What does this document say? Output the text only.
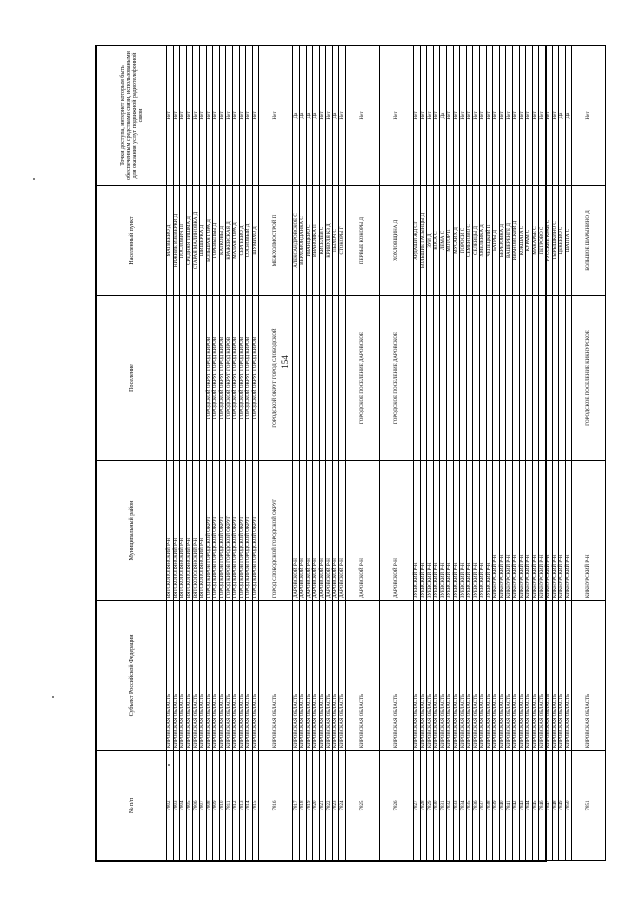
154
№ п/п	Субъект Российской Федерации	Муниципальный район	Поселение	Населенный пункт	Точки доступа, интернет которым быть обеспеченным средствами связи, использоваными для оказания услуг подвижной радиотелефонной связи
7802	КИРОВСКАЯ ОБЛАСТЬ	ВЯТСКОПОЛЯНСКИЙ Р-Н		МАТВЕЕВО Д	Нет
7803	КИРОВСКАЯ ОБЛАСТЬ	ВЯТСКОПОЛЯНСКИЙ Р-Н		НИЖНИЕ ИЗЕВЕРКИ Д	Нет
7804	КИРОВСКАЯ ОБЛАСТЬ	ВЯТСКОПОЛЯНСКИЙ Р-Н		ПОСЛОВИЧ ПГ	Нет
7805	КИРОВСКАЯ ОБЛАСТЬ	ВЯТСКОПОЛЯНСКИЙ Р-Н		СРЕДНЯЯ ТИШМА Д	Нет
7806	КИРОВСКАЯ ОБЛАСТЬ	ВЯТСКОПОЛЯНСКИЙ Р-Н		СТАРАЯ МАЛИНОВКА Д	Нет
7807	КИРОВСКАЯ ОБЛАСТЬ	ВЯТСКОПОЛЯНСКИЙ Р-Н		ШИШЕРКА Д	Нет
7808	КИРОВСКАЯ ОБЛАСТЬ	ГОРОД КИРОВ ГОРОДСКОЙ ОКРУГ	ГОРОДСКОЙ ОКРУГ ГОРОД КИРОВ	БОЛЬШАЯ ГОРА Д	Нет
7809	КИРОВСКАЯ ОБЛАСТЬ	ГОРОД КИРОВ ГОРОДСКОЙ ОКРУГ	ГОРОДСКОЙ ОКРУГ ГОРОД КИРОВ	ГОРЕВЫЛЬЫ Д	Нет
7810	КИРОВСКАЯ ОБЛАСТЬ	ГОРОД КИРОВ ГОРОДСКОЙ ОКРУГ	ГОРОДСКОЙ ОКРУГ ГОРОД КИРОВ	КАТКОВЫ Д	Нет
7811	КИРОВСКАЯ ОБЛАСТЬ	ГОРОД КИРОВ ГОРОДСКОЙ ОКРУГ	ГОРОДСКОЙ ОКРУГ ГОРОД КИРОВ	КРАЖЕВСКАЯ Д	Нет
7812	КИРОВСКАЯ ОБЛАСТЬ	ГОРОД КИРОВ ГОРОДСКОЙ ОКРУГ	ГОРОДСКОЙ ОКРУГ ГОРОД КИРОВ	МАЛАЯ ГОРА Д	Нет
7813	КИРОВСКАЯ ОБЛАСТЬ	ГОРОД КИРОВ ГОРОДСКОЙ ОКРУГ	ГОРОДСКОЙ ОКРУГ ГОРОД КИРОВ	СЕРГЕЕВО Д	Нет
7814	КИРОВСКАЯ ОБЛАСТЬ	ГОРОД КИРОВ ГОРОДСКОЙ ОКРУГ	ГОРОДСКОЙ ОКРУГ ГОРОД КИРОВ	СОСНОВЫЙ Д	Нет
7815	КИРОВСКАЯ ОБЛАСТЬ	ГОРОД КИРОВ ГОРОДСКОЙ ОКРУГ	ГОРОДСКОЙ ОКРУГ ГОРОД КИРОВ	ШУМИХО Д	Нет
7816	КИРОВСКАЯ ОБЛАСТЬ	ГОРОД СЛОБОДСКОЙ ГОРОДСКОЙ ОКРУГ	ГОРОДСКОЙ ОКРУГ ГОРОД СЛОБОДСКОЙ	МЕЖХОЛМОСТРОЙ П	Нет
7817	КИРОВСКАЯ ОБЛАСТЬ	ДАРОВСКОЙ Р-Н		АЛЕКСАНДРОВСКОЕ С	Да
7818	КИРОВСКАЯ ОБЛАСТЬ	ДАРОВСКОЙ Р-Н		ВЕРХОВОНДАНКА С	Да
7819	КИРОВСКАЯ ОБЛАСТЬ	ДАРОВСКОЙ Р-Н		ИВАНЦЕВО С	Да
7820	КИРОВСКАЯ ОБЛАСТЬ	ДАРОВСКОЙ Р-Н		ИВАНОВКА П	Да
7821	КИРОВСКАЯ ОБЛАСТЬ	ДАРОВСКОЙ Р-Н		КИСЕЛЁВ С	Нет
7822	КИРОВСКАЯ ОБЛАСТЬ	ДАРОВСКОЙ Р-Н		КРИВУЛЯ КЗ Д	Нет
7823	КИРОВСКАЯ ОБЛАСТЬ	ДАРОВСКОЙ Р-Н		ПЫХОЧ С	Да
7824	КИРОВСКАЯ ОБЛАСТЬ	ДАРОВСКОЙ Р-Н		СТОКОРЫ Г	Нет
7825	КИРОВСКАЯ ОБЛАСТЬ	ДАРОВСКОЙ Р-Н	ГОРОДСКОЕ ПОСЕЛЕНИЕ ДАРОВСКОЕ	ПЕРВЫЕ КОКОРЫ Д	Нет
7826	КИРОВСКАЯ ОБЛАСТЬ	ДАРОВСКОЙ Р-Н	ГОРОДСКОЕ ПОСЕЛЕНИЕ ДАРОВСКОЕ	ХОХЛОВЩИНА Д	Нет
7827	КИРОВСКАЯ ОБЛАСТЬ	ЗУЕВСКИЙ Р-Н		АРДАШИ ЖД СТ	Нет
7828	КИРОВСКАЯ ОБЛАСТЬ	ЗУЕВСКИЙ Р-Н		БОЛЬШИЕ ГАСЫНЦЫ Д	Нет
7829	КИРОВСКАЯ ОБЛАСТЬ	ЗУЕВСКИЙ Р-Н		ЗУИ Д	Нет
7830	КИРОВСКАЯ ОБЛАСТЬ	ЗУЕВСКИЙ Р-Н		КОСА С	Нет
7831	КИРОВСКАЯ ОБЛАСТЬ	ЗУЕВСКИЙ Р-Н		ЛЕМА С	Да
7832	КИРОВСКАЯ ОБЛАСТЬ	ЗУЕВСКИЙ Р-Н		МОТОР П	Нет
7833	КИРОВСКАЯ ОБЛАСТЬ	ЗУЕВСКИЙ Р-Н		МУСАИХ Д	Нет
7834	КИРОВСКАЯ ОБЛАСТЬ	ЗУЕВСКИЙ Р-Н		ПОРОСИ С	Нет
7835	КИРОВСКАЯ ОБЛАСТЬ	ЗУЕВСКИЙ Р-Н		СЕМЕНОВО С	Нет
7836	КИРОВСКАЯ ОБЛАСТЬ	ЗУЕВСКИЙ Р-Н		СЕЛЕВЦЫ Д	Нет
7837	КИРОВСКАЯ ОБЛАСТЬ	ЗУЕВСКИЙ Р-Н		ХМЕЛЕВКА Д	Нет
7838	КИРОВСКАЯ ОБЛАСТЬ	ЗУЕВСКИЙ Р-Н		ЧЕПЕЦКИЙ П	Нет
7839	КИРОВСКАЯ ОБЛАСТЬ	КИКНУРСКИЙ Р-Н		БАТРЫ Д	Нет
7840	КИРОВСКАЯ ОБЛАСТЬ	КИКНУРСКИЙ Р-Н		БЕРЕЗОВКА Д	Нет
7841	КИРОВСКАЯ ОБЛАСТЬ	КИКНУРСКИЙ Р-Н		ВАШЕРЕНГЕ Д	Нет
7842	КИРОВСКАЯ ОБЛАСТЬ	КИКНУРСКИЙ Р-Н		ИВАНОВСКИЙ Д	Нет
7843	КИРОВСКАЯ ОБЛАСТЬ	КИКНУРСКИЙ Р-Н		КОКШАГА С	Нет
7844	КИРОВСКАЯ ОБЛАСТЬ	КИКНУРСКИЙ Р-Н		КУРАМ С	Нет
7845	КИРОВСКАЯ ОБЛАСТЬ	КИКНУРСКИЙ Р-Н		МАКАРЬЕ С	Нет
7846	КИРОВСКАЯ ОБЛАСТЬ	КИКНУРСКИЙ Р-Н		ПЕТРОВО С	Нет
7847	КИРОВСКАЯ ОБЛАСТЬ	КИКНУРСКИЙ Р-Н		РУССКИЕ КРАИ С	Нет
7848	КИРОВСКАЯ ОБЛАСТЬ	КИКНУРСКИЙ Р-Н		ТЫРЫШКИНО С	Нет
7849	КИРОВСКАЯ ОБЛАСТЬ	КИКНУРСКИЙ Р-Н		ЦЕКЕЕВО С	Да
7850	КИРОВСКАЯ ОБЛАСТЬ	КИКНУРСКИЙ Р-Н		ШАПТА С	Да
7851	КИРОВСКАЯ ОБЛАСТЬ	КИКНУРСКИЙ Р-Н	ГОРОДСКОЕ ПОСЕЛЕНИЕ КИКНУРСКОЕ	БОЛЬШОЕ ШАРЫНИНО Д	Нет
